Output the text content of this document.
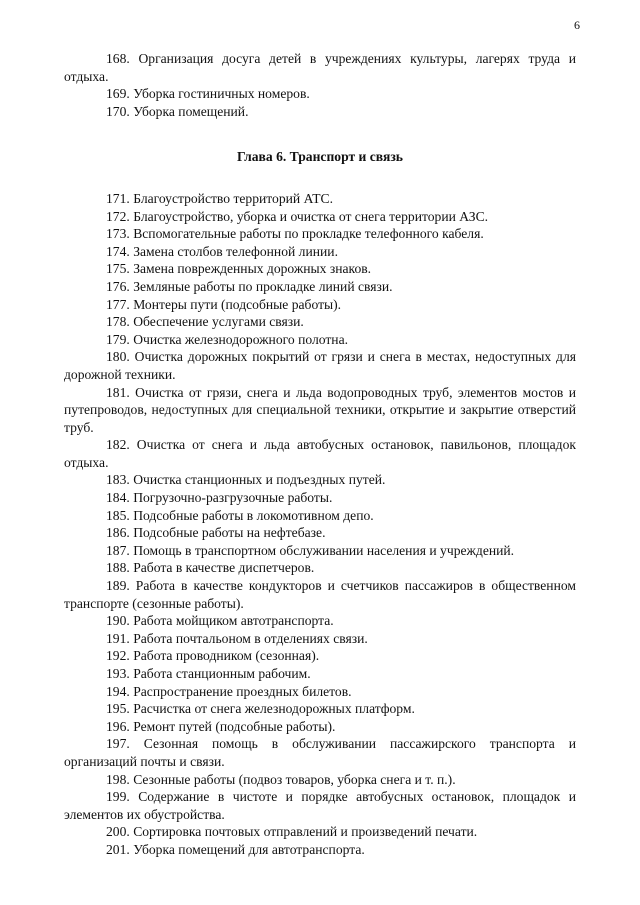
6

168. Организация досуга детей в учреждениях культуры, лагерях труда и отдыха.

169. Уборка гостиничных номеров.

170. Уборка помещений.

Глава 6. Транспорт и связь

171. Благоустройство территорий АТС.

172. Благоустройство, уборка и очистка от снега территории АЗС.

173. Вспомогательные работы по прокладке телефонного кабеля.

174. Замена столбов телефонной линии.

175. Замена поврежденных дорожных знаков.

176. Земляные работы по прокладке линий связи.

177. Монтеры пути (подсобные работы).

178. Обеспечение услугами связи.

179. Очистка железнодорожного полотна.

180. Очистка дорожных покрытий от грязи и снега в местах, недоступных для дорожной техники.

181. Очистка от грязи, снега и льда водопроводных труб, элементов мостов и путепроводов, недоступных для специальной техники, открытие и закрытие отверстий труб.

182. Очистка от снега и льда автобусных остановок, павильонов, площадок отдыха.

183. Очистка станционных и подъездных путей.

184. Погрузочно-разгрузочные работы.

185. Подсобные работы в локомотивном депо.

186. Подсобные работы на нефтебазе.

187. Помощь в транспортном обслуживании населения и учреждений.

188. Работа в качестве диспетчеров.

189. Работа в качестве кондукторов и счетчиков пассажиров в общественном транспорте (сезонные работы).

190. Работа мойщиком автотранспорта.

191. Работа почтальоном в отделениях связи.

192. Работа проводником (сезонная).

193. Работа станционным рабочим.

194. Распространение проездных билетов.

195. Расчистка от снега железнодорожных платформ.

196. Ремонт путей (подсобные работы).

197. Сезонная помощь в обслуживании пассажирского транспорта и организаций почты и связи.

198. Сезонные работы (подвоз товаров, уборка снега и т. п.).

199. Содержание в чистоте и порядке автобусных остановок, площадок и элементов их обустройства.

200. Сортировка почтовых отправлений и произведений печати.

201. Уборка помещений для автотранспорта.
